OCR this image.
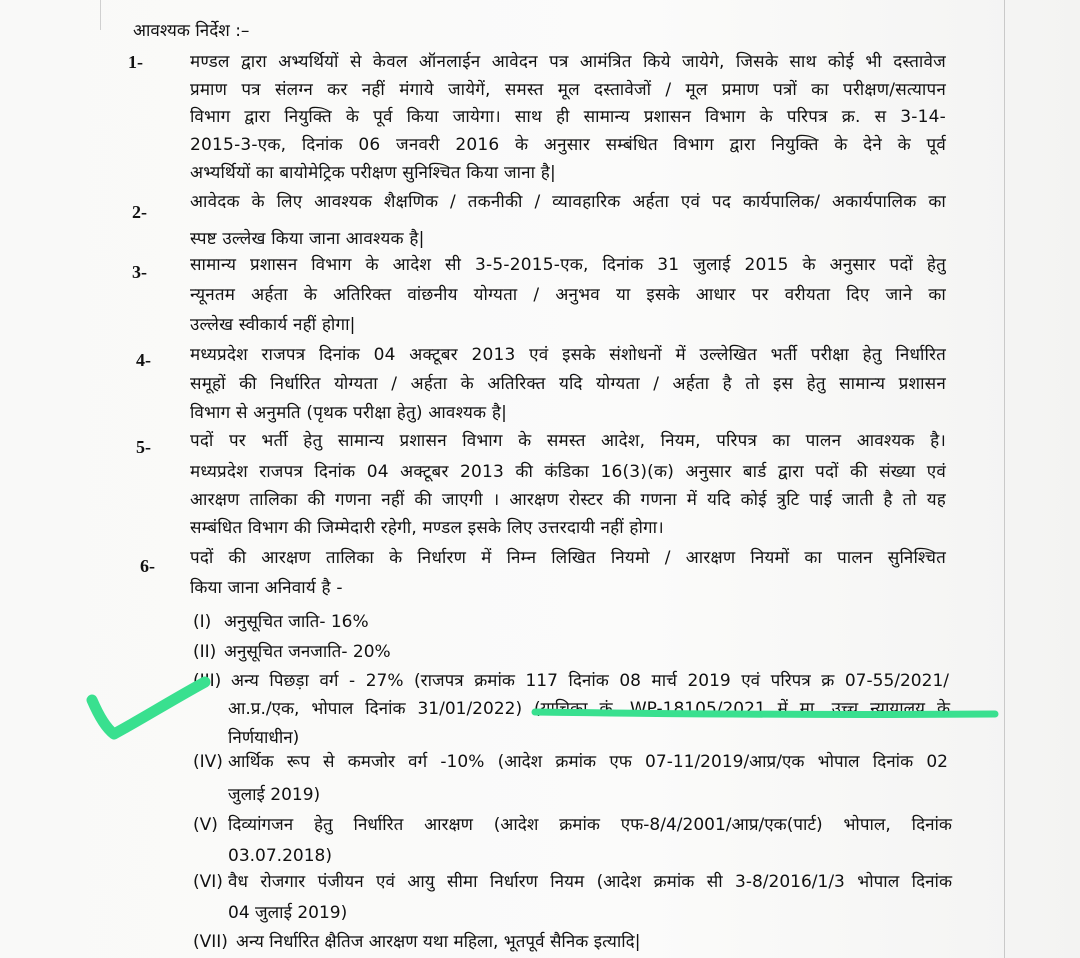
आवश्यक निर्देश :–
1-	मण्डल द्वारा अभ्यर्थियों से केवल ऑनलाईन आवेदन पत्र आमंत्रित किये जायेगे, जिसके साथ कोई भी दस्तावेज
प्रमाण पत्र संलग्न कर नहीं मंगाये जायेगें, समस्त मूल दस्तावेजों / मूल प्रमाण पत्रों का परीक्षण/सत्यापन
विभाग द्वारा नियुक्ति के पूर्व किया जायेगा। साथ ही सामान्य प्रशासन विभाग के परिपत्र क्र. स 3-14-
2015-3-एक, दिनांक 06 जनवरी 2016 के अनुसार सम्बंधित विभाग द्वारा नियुक्ति के देने के पूर्व
अभ्यर्थियों का बायोमेट्रिक परीक्षण सुनिश्चित किया जाना है|
2-	आवेदक के लिए आवश्यक शैक्षणिक / तकनीकी / व्यावहारिक अर्हता एवं पद कार्यपालिक/ अकार्यपालिक का
स्पष्ट उल्लेख किया जाना आवश्यक है|
3-	सामान्य प्रशासन विभाग के आदेश सी 3-5-2015-एक, दिनांक 31 जुलाई 2015 के अनुसार पदों हेतु
न्यूनतम अर्हता के अतिरिक्त वांछनीय योग्यता / अनुभव या इसके आधार पर वरीयता दिए जाने का
उल्लेख स्वीकार्य नहीं होगा|
4- मध्यप्रदेश राजपत्र दिनांक 04 अक्टूबर 2013 एवं इसके संशोधनों में उल्लेखित भर्ती परीक्षा हेतु निर्धारित
समूहों की निर्धारित योग्यता / अर्हता के अतिरिक्त यदि योग्यता / अर्हता है तो इस हेतु सामान्य प्रशासन
विभाग से अनुमति (पृथक परीक्षा हेतु) आवश्यक है|
5- पदों पर भर्ती हेतु सामान्य प्रशासन विभाग के समस्त आदेश, नियम, परिपत्र का पालन आवश्यक है।
मध्यप्रदेश राजपत्र दिनांक 04 अक्टूबर 2013 की कंडिका 16(3)(क) अनुसार बार्ड द्वारा पदों की संख्या एवं
आरक्षण तालिका की गणना नहीं की जाएगी । आरक्षण रोस्टर की गणना में यदि कोई त्रुटि पाई जाती है तो यह
सम्बंधित विभाग की जिम्मेदारी रहेगी, मण्डल इसके लिए उत्तरदायी नहीं होगा।
6- पदों की आरक्षण तालिका के निर्धारण में निम्न लिखित नियमो / आरक्षण नियमों का पालन सुनिश्चित
किया जाना अनिवार्य है -
(I) अनुसूचित जाति- 16%
(II) अनुसूचित जनजाति- 20%
(III) अन्य पिछड़ा वर्ग - 27% (राजपत्र क्रमांक 117 दिनांक 08 मार्च 2019 एवं परिपत्र क्र 07-55/2021/
आ.प्र./एक, भोपाल दिनांक 31/01/2022) (याचिका क्रं. WP-18105/2021 में मा. उच्च न्यायालय के
निर्णयाधीन)
(IV) आर्थिक रूप से कमजोर वर्ग -10% (आदेश क्रमांक एफ 07-11/2019/आप्र/एक भोपाल दिनांक 02
जुलाई 2019)
(V) दिव्यांगजन हेतु निर्धारित आरक्षण (आदेश क्रमांक एफ-8/4/2001/आप्र/एक(पार्ट) भोपाल, दिनांक
03.07.2018)
(VI) वैध रोजगार पंजीयन एवं आयु सीमा निर्धारण नियम (आदेश क्रमांक सी 3-8/2016/1/3 भोपाल दिनांक
04 जुलाई 2019)
(VII) अन्य निर्धारित क्षैतिज आरक्षण यथा महिला, भूतपूर्व सैनिक इत्यादि|
